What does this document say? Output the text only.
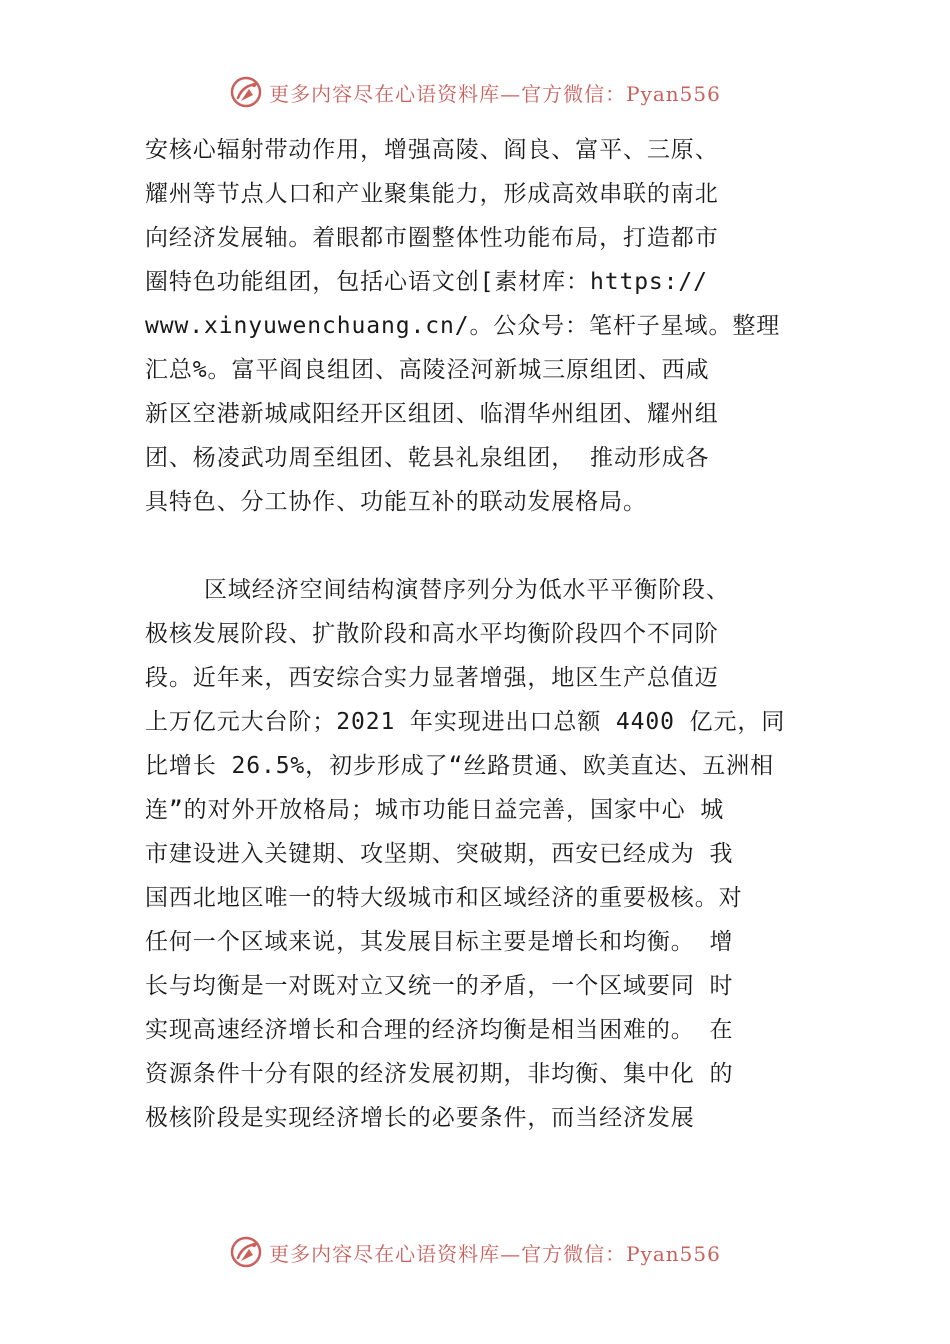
更多内容尽在心语资料库—官方微信：Pyan556
安核心辐射带动作用，增强高陵、阎良、富平、三原、
耀州等节点人口和产业聚集能力，形成高效串联的南北
向经济发展轴。着眼都市圈整体性功能布局，打造都市
圈特色功能组团，包括心语文创[素材库：https://
www.xinyuwenchuang.cn/。公众号：笔杆子星域。整理
汇总%。富平阎良组团、高陵泾河新城三原组团、西咸
新区空港新城咸阳经开区组团、临渭华州组团、耀州组
团、杨凌武功周至组团、乾县礼泉组团， 推动形成各
具特色、分工协作、功能互补的联动发展格局。
区域经济空间结构演替序列分为低水平平衡阶段、
极核发展阶段、扩散阶段和高水平均衡阶段四个不同阶
段。近年来，西安综合实力显著增强，地区生产总值迈
上万亿元大台阶；2021 年实现进出口总额 4400 亿元，同
比增长 26.5%，初步形成了“丝路贯通、欧美直达、五洲相
连”的对外开放格局；城市功能日益完善，国家中心 城
市建设进入关键期、攻坚期、突破期，西安已经成为 我
国西北地区唯一的特大级城市和区域经济的重要极核。对
任何一个区域来说，其发展目标主要是增长和均衡。 增
长与均衡是一对既对立又统一的矛盾，一个区域要同 时
实现高速经济增长和合理的经济均衡是相当困难的。 在
资源条件十分有限的经济发展初期，非均衡、集中化 的
极核阶段是实现经济增长的必要条件，而当经济发展
更多内容尽在心语资料库—官方微信：Pyan556
